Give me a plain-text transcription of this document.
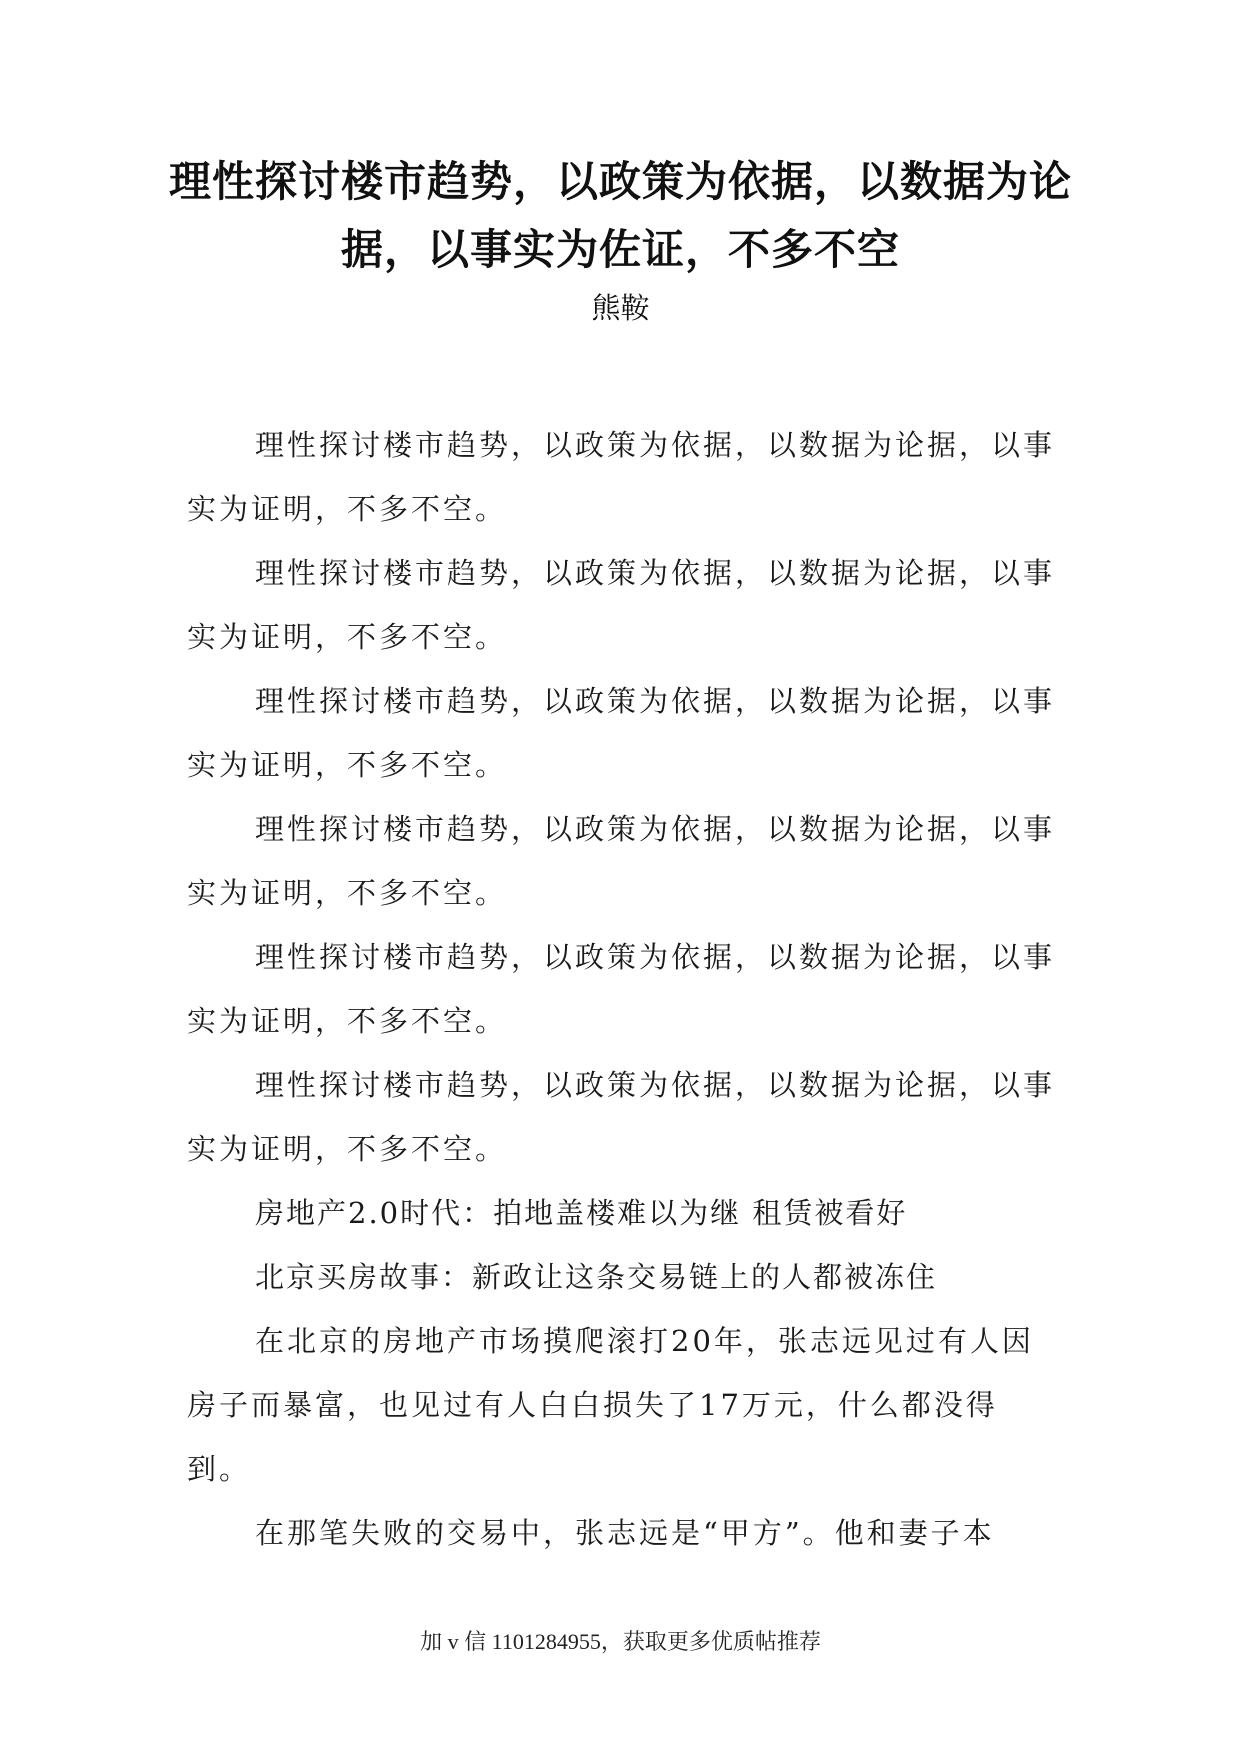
理性探讨楼市趋势，以政策为依据，以数据为论据，以事实为佐证，不多不空
熊鞍

理性探讨楼市趋势，以政策为依据，以数据为论据，以事实为证明，不多不空。

理性探讨楼市趋势，以政策为依据，以数据为论据，以事实为证明，不多不空。

理性探讨楼市趋势，以政策为依据，以数据为论据，以事实为证明，不多不空。

理性探讨楼市趋势，以政策为依据，以数据为论据，以事实为证明，不多不空。

理性探讨楼市趋势，以政策为依据，以数据为论据，以事实为证明，不多不空。

理性探讨楼市趋势，以政策为依据，以数据为论据，以事实为证明，不多不空。

房地产2.0时代：拍地盖楼难以为继 租赁被看好

北京买房故事：新政让这条交易链上的人都被冻住

在北京的房地产市场摸爬滚打20年，张志远见过有人因房子而暴富，也见过有人白白损失了17万元，什么都没得到。

在那笔失败的交易中，张志远是“甲方”。他和妻子本

加 v 信 1101284955，获取更多优质帖推荐
